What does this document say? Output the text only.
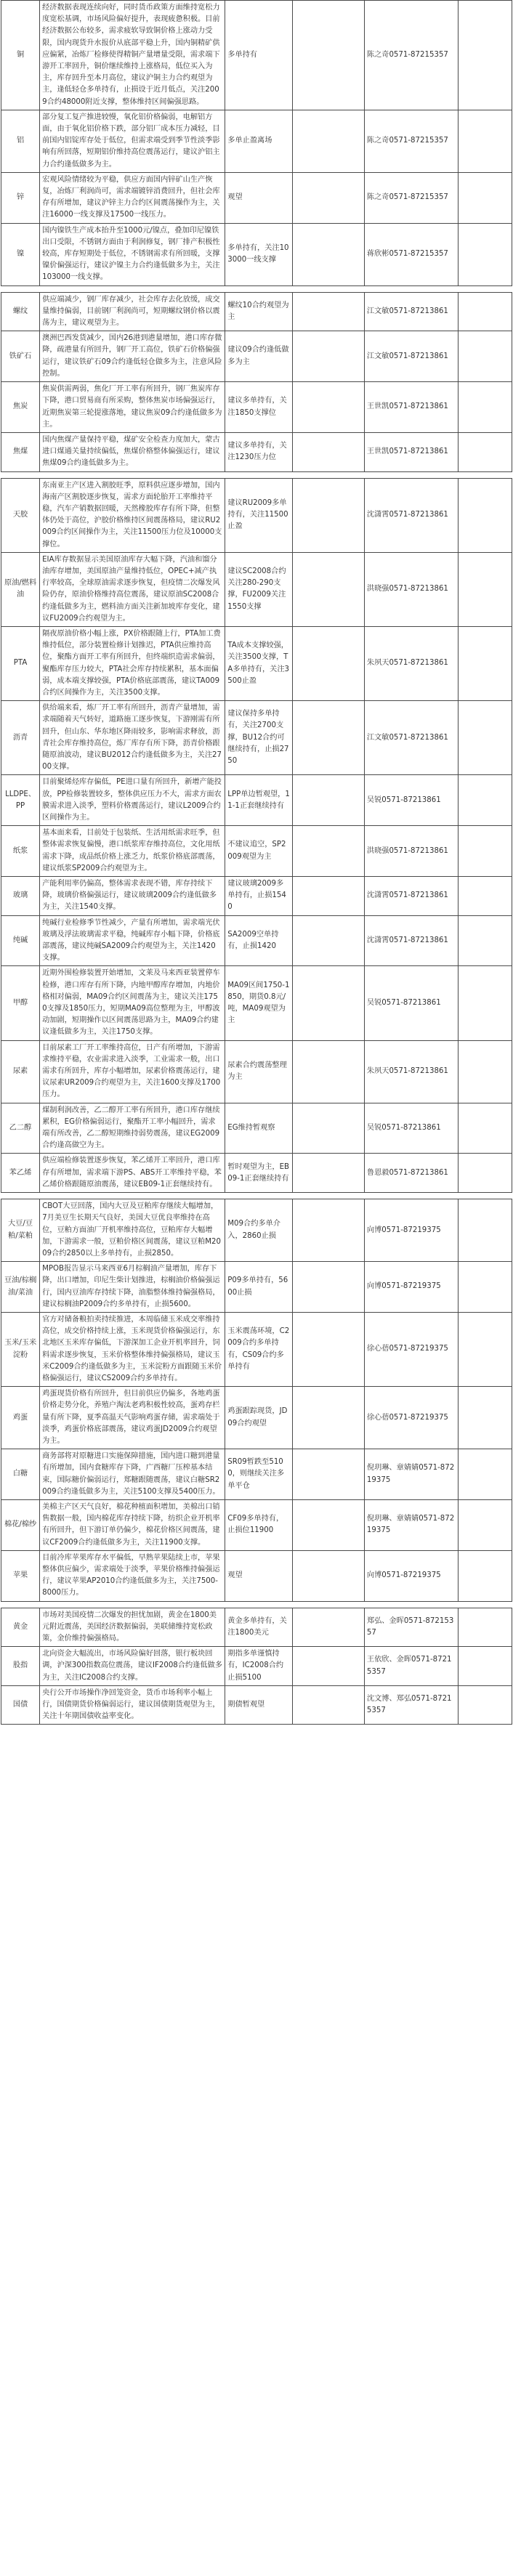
铜	经济数据表现连续向好，同时货币政策方面维持宽松力度宽松基调，市场风险偏好提升，表现疲惫积极。目前经济数据公布较多，需求疲软导致铜价格上涨动力受限，国内现货升水报价从底部平稳上升，国内铜精矿供应偏紧，冶炼厂检修使得精铜产量增量受限，需求端下游开工率回升，铜价继续维持上涨格局，低位买入为主，库存回升至本月高位，建议沪铜主力合约观望为主，逢低轻仓多单持有，止损设于近月低点，关注2009合约48000附近支撑，整体维持区间偏强思路。	多单持有		陈之奇0571-87215357	
铝	部分复工复产推进较慢，氧化铝价格偏弱，电解铝方面，由于氧化铝价格下跌，部分铝厂成本压力减轻，目前国内铝锭库存处于低位，但需求端受到季节性淡季影响有所回落，短期铝价维持高位震荡运行，建议沪铝主力合约逢低做多为主。	多单止盈离场		陈之奇0571-87215357	
锌	宏观风险情绪较为平稳，供应方面国内锌矿山生产恢复，冶炼厂利润尚可，需求端镀锌消费回升，但社会库存有所增加，建议沪锌主力合约区间震荡操作为主，关注16000一线支撑及17500一线压力。	观望		陈之奇0571-87215357	
镍	国内镍铁生产成本抬升至1000元/镍点，叠加印尼镍铁出口受限，不锈钢方面由于利润修复，钢厂排产积极性较高，库存短期处于低位，不锈钢需求有所回暖，支撑镍价偏强运行，建议沪镍主力合约逢低做多为主，关注103000一线支撑。	多单持有，关注103000一线支撑		蒋欣彬0571-87215357	

螺纹	供应端减少，钢厂库存减少，社会库存去化放缓，成交量维持偏弱，目前钢厂利润尚可，短期螺纹钢价格以震荡为主，建议观望为主。	螺纹10合约观望为主		江文敏0571-87213861	
铁矿石	澳洲巴西发货减少，国内26港到港量增加，港口库存微降，疏港量有所回升，钢厂开工高位，铁矿石价格偏强运行，建议铁矿石09合约逢低轻仓做多为主，注意风险控制。	建议09合约逢低做多为主		江文敏0571-87213861	
焦炭	焦炭供需两弱，焦化厂开工率有所回升，钢厂焦炭库存下降，港口贸易商有所采购，整体焦炭市场偏强运行，近期焦炭第三轮提涨落地，建议焦炭09合约逢低做多为主。	建议多单持有，关注1850支撑位		王世凯0571-87213861	
焦煤	国内焦煤产量保持平稳，煤矿安全检查力度加大，蒙古进口煤通关量持续偏低，焦煤价格整体偏强运行，建议焦煤09合约逢低做多为主。	建议多单持有，关注1230压力位		王世凯0571-87213861	

天胶	东南亚主产区进入割胶旺季，原料供应逐步增加，国内海南产区割胶逐步恢复，需求方面轮胎开工率维持平稳，汽车产销数据回暖，天然橡胶库存有所下降，但整体仍处于高位，沪胶价格维持区间震荡格局，建议RU2009合约区间操作为主，关注11500压力位及10000支撑位。	建议RU2009多单持有，关注11500止盈		沈潇霄0571-87213861	
原油/燃料油	EIA库存数据显示美国原油库存大幅下降，汽油和馏分油库存增加，美国原油产量维持低位，OPEC+减产执行率较高，全球原油需求逐步恢复，但疫情二次爆发风险仍存，原油价格维持高位震荡，建议原油SC2008合约逢低做多为主，燃料油方面关注新加坡库存变化，建议FU2009合约观望为主。	建议SC2008合约关注280-290支撑，FU2009关注1550支撑		洪晓强0571-87213861	
PTA	隔夜原油价格小幅上涨，PX价格跟随上行，PTA加工费维持低位，部分装置检修计划推迟，PTA供应维持高位，聚酯方面开工率有所回升，但终端织造需求偏弱，聚酯库存压力较大，PTA社会库存持续累积，基本面偏弱，成本端支撑较强，PTA价格底部震荡，建议TA009合约区间操作为主，关注3500支撑。	TA成本支撑较强，关注3500支撑，TA多单持有，关注3500止盈		朱夙天0571-87213861	
沥青	供给端来看，炼厂开工率有所回升，沥青产量增加，需求端随着天气转好，道路施工逐步恢复，下游刚需有所回升，但山东、华东地区降雨较多，影响需求释放，沥青社会库存维持高位，炼厂库存有所下降，沥青价格跟随原油波动，建议BU2012合约逢低做多为主，关注2700支撑。	建议保持多单持有，关注2700支撑，BU12合约可继续持有，止损2750		江文敏0571-87213861	
LLDPE、PP	目前聚烯烃库存偏低，PE进口量有所回升，新增产能投放，PP检修装置较多，整体供应压力不大，需求方面农膜需求进入淡季，塑料价格震荡运行，建议L2009合约区间操作为主。	LPP单边暂观望，11-1正套继续持有		吴锐0571-87213861	
纸浆	基本面来看，目前处于包装纸、生活用纸需求旺季，但整体需求恢复偏慢，港口纸浆库存维持高位，文化用纸需求下降，成品纸价格上涨乏力，纸浆价格底部震荡，建议纸浆SP2009合约观望为主。	不建议追空，SP2009观望为主		洪晓强0571-87213861	
玻璃	产能利用率仍偏高，整体需求表现不错，库存持续下降，玻璃价格偏强运行，建议玻璃2009合约逢低做多为主，关注1540支撑。	建议玻璃2009多单持有，止损1540		沈潇霄0571-87213861	
纯碱	纯碱行业检修季节性减少，产量有所增加，需求端光伏玻璃及浮法玻璃需求平稳，纯碱库存小幅下降，价格底部震荡，建议纯碱SA2009合约观望为主，关注1420支撑。	SA2009空单持有，止损1420		沈潇霄0571-87213861	
甲醇	近期外围检修装置开始增加，文莱及马来西亚装置停车检修，港口库存有所下降，内地甲醇库存增加，内地价格相对偏弱，MA09合约区间震荡为主，建议关注1750支撑及1850压力，短期MA09高位整理为主，甲醇波动加剧，短期操作以区间震荡思路为主，MA09合约建议逢低做多为主，关注1750支撑。	MA09区间1750-1850，期货0.8元/吨，MA09观望为主		吴锐0571-87213861	
尿素	目前尿素工厂开工率维持高位，日产有所增加，下游需求维持平稳，农业需求进入淡季，工业需求一般，出口需求有所回升，库存小幅增加，尿素价格震荡运行，建议尿素UR2009合约观望为主，关注1600支撑及1700压力。	尿素合约震荡整理为主		朱夙天0571-87213861	
乙二醇	煤制利润改善，乙二醇开工率有所回升，港口库存继续累积，EG价格偏弱运行，聚酯开工率小幅回升，需求端有所改善，乙二醇短期维持弱势震荡，建议EG2009合约逢高做空为主。	EG维持暂观察		吴锐0571-87213861	
苯乙烯	供应端检修装置逐步恢复，苯乙烯开工率回升，港口库存有所增加，需求端下游PS、ABS开工率维持平稳，苯乙烯价格跟随原油震荡，建议EB09-1正套继续持有。	暂时观望为主，EB09-1正套继续持有		鲁恩毅0571-87213861	

大豆/豆粕/菜粕	CBOT大豆回落，国内大豆及豆粕库存继续大幅增加，7月美豆生长期天气良好，美国大豆优良率维持在高位，豆粕方面油厂开机率维持高位，豆粕库存大幅增加，下游需求一般，豆粕价格区间震荡，建议豆粕M2009合约2850以上多单持有，止损2850。	M09合约多单介入，2860止损		向博0571-87219375	
豆油/棕榈油/菜油	MPOB报告显示马来西亚6月棕榈油产量增加，库存下降，出口增加，印尼生柴计划推进，棕榈油价格偏强运行，国内豆油库存持续下降，油脂整体维持偏强格局，建议棕榈油P2009合约多单持有，止损5600。	P09多单持有，5600止损		向博0571-87219375	
玉米/玉米淀粉	官方对储备粮拍卖持续推进，本周临储玉米成交率维持高位，成交价格持续上涨，玉米现货价格偏强运行，东北地区玉米库存偏低，下游深加工企业开机率回升，饲料需求逐步恢复，玉米价格整体维持偏强格局，建议玉米C2009合约逢低做多为主，玉米淀粉方面跟随玉米价格偏强运行，建议CS2009合约多单持有。	玉米震荡环境，C2009合约多单持有，CS09合约多单持有		徐心蓓0571-87219375	
鸡蛋	鸡蛋现货价格有所回升，但目前供应仍偏多，各地鸡蛋价格走势分化，养殖户淘汰老鸡积极性较高，蛋鸡存栏量有所下降，夏季高温天气影响鸡蛋存储，需求端处于淡季，鸡蛋价格底部震荡，建议鸡蛋JD2009合约观望为主。	鸡蛋跟踪现货，JD09合约观望		徐心蓓0571-87219375	
白糖	商务部将对原糖进口实施保障措施，国内进口糖到港量有所增加，国内食糖库存下降，广西糖厂压榨基本结束，国际糖价偏弱运行，郑糖跟随震荡，建议白糖SR2009合约逢低做多为主，关注5100支撑及5400压力。	SR09暂跌至5100，则继续关注多单平仓		倪玥琳、章婧婧0571-87219375	
棉花/棉纱	美棉主产区天气良好，棉花种植面积增加，美棉出口销售数据一般，国内棉花库存持续下降，纺织企业开机率有所回升，但下游订单仍偏少，棉花价格区间震荡，建议CF2009合约逢低做多为主，关注11900支撑。	CF09多单持有，止损位11900		倪玥琳、章婧婧0571-87219375	
苹果	目前冷库苹果库存水平偏低，早熟苹果陆续上市，苹果整体供应偏少，需求端处于淡季，苹果价格维持偏强运行，建议苹果AP2010合约逢低做多为主，关注7500-8000压力。	观望		向博0571-87219375	

黄金	市场对美国疫情二次爆发的担忧加剧，黄金在1800美元附近震荡，美国经济数据偏弱，美联储维持宽松政策，金价维持偏强格局。	黄金多单持有，关注1800美元		郑弘、金晖0571-87215357	
股指	北向资金大幅流出，市场风险偏好回落，银行板块回调，沪深300指数高位震荡，建议IF2008合约逢低做多为主，关注IC2008合约支撑。	期指多单谨慎持有，IC2008合约止损5100		王依欣、金晖0571-87215357	
国债	央行公开市场操作净回笼资金，货币市场利率小幅上行，国债期货价格偏弱运行，建议国债期货观望为主，关注十年期国债收益率变化。	期债暂观望		沈文博、郑弘0571-87215357	
